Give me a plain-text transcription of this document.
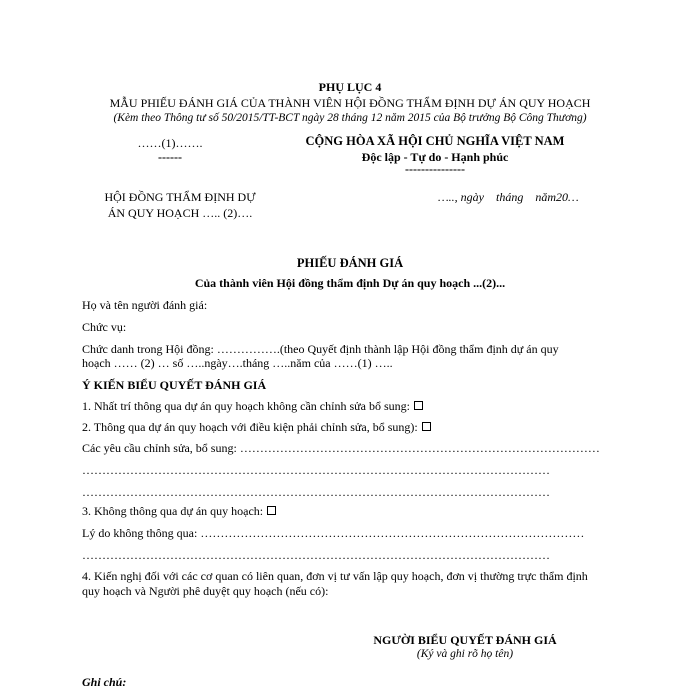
PHỤ LỤC 4
MẪU PHIẾU ĐÁNH GIÁ CỦA THÀNH VIÊN HỘI ĐỒNG THẨM ĐỊNH DỰ ÁN QUY HOẠCH
(Kèm theo Thông tư số 50/2015/TT-BCT ngày 28 tháng 12 năm 2015 của Bộ trưởng Bộ Công Thương)
……(1)…….
------
CỘNG HÒA XÃ HỘI CHỦ NGHĨA VIỆT NAM
Độc lập - Tự do - Hạnh phúc
---------------
HỘI ĐỒNG THẨM ĐỊNH DỰ
ÁN QUY HOẠCH ….. (2)….
….., ngày    tháng    năm20…
PHIẾU ĐÁNH GIÁ
Của thành viên Hội đồng thẩm định Dự án quy hoạch ...(2)...
Họ và tên người đánh giá:
Chức vụ:
Chức danh trong Hội đồng: …………….(theo Quyết định thành lập Hội đồng thẩm định dự án quy
hoạch …… (2) … số …..ngày….tháng …..năm của ……(1) …..
Ý KIẾN BIỂU QUYẾT ĐÁNH GIÁ
1. Nhất trí thông qua dự án quy hoạch không cần chỉnh sửa bổ sung:
2. Thông qua dự án quy hoạch với điều kiện phải chỉnh sửa, bổ sung):
Các yêu cầu chỉnh sửa, bổ sung: ………………………………………………………………………………
………………………………………………………………………………………………………
………………………………………………………………………………………………………
3. Không thông qua dự án quy hoạch:
Lý do không thông qua: ……………………………………………………………………………………
………………………………………………………………………………………………………
4. Kiến nghị đối với các cơ quan có liên quan, đơn vị tư vấn lập quy hoạch, đơn vị thường trực thẩm định
quy hoạch và Người phê duyệt quy hoạch (nếu có):
NGƯỜI BIỂU QUYẾT ĐÁNH GIÁ
(Ký và ghi rõ họ tên)
Ghi chú:
